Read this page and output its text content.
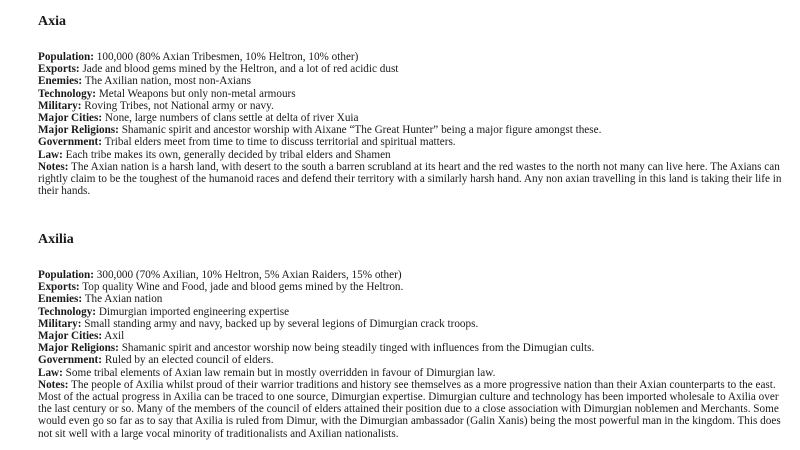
Axia
Population: 100,000 (80% Axian Tribesmen, 10% Heltron, 10% other)
Exports: Jade and blood gems mined by the Heltron, and a lot of red acidic dust
Enemies: The Axilian nation, most non-Axians
Technology: Metal Weapons but only non-metal armours
Military: Roving Tribes, not National army or navy.
Major Cities: None, large numbers of clans settle at delta of river Xuia
Major Religions: Shamanic spirit and ancestor worship with Aixane “The Great Hunter” being a major figure amongst these.
Government: Tribal elders meet from time to time to discuss territorial and spiritual matters.
Law: Each tribe makes its own, generally decided by tribal elders and Shamen
Notes: The Axian nation is a harsh land, with desert to the south a barren scrubland at its heart and the red wastes to the north not many can live here. The Axians can rightly claim to be the toughest of the humanoid races and defend their territory with a similarly harsh hand. Any non axian travelling in this land is taking their life in their hands.
Axilia
Population: 300,000 (70% Axilian, 10% Heltron, 5% Axian Raiders, 15% other)
Exports: Top quality Wine and Food, jade and blood gems mined by the Heltron.
Enemies: The Axian nation
Technology: Dimurgian imported engineering expertise
Military: Small standing army and navy, backed up by several legions of Dimurgian crack troops.
Major Cities: Axil
Major Religions: Shamanic spirit and ancestor worship now being steadily tinged with influences from the Dimugian cults.
Government: Ruled by an elected council of elders.
Law: Some tribal elements of Axian law remain but in mostly overridden in favour of Dimurgian law.
Notes: The people of Axilia whilst proud of their warrior traditions and history see themselves as a more progressive nation than their Axian counterparts to the east. Most of the actual progress in Axilia can be traced to one source, Dimurgian expertise. Dimurgian culture and technology has been imported wholesale to Axilia over the last century or so. Many of the members of the council of elders attained their position due to a close association with Dimurgian noblemen and Merchants. Some would even go so far as to say that Axilia is ruled from Dimur, with the Dimurgian ambassador (Galin Xanis) being the most powerful man in the kingdom. This does not sit well with a large vocal minority of traditionalists and Axilian nationalists.
